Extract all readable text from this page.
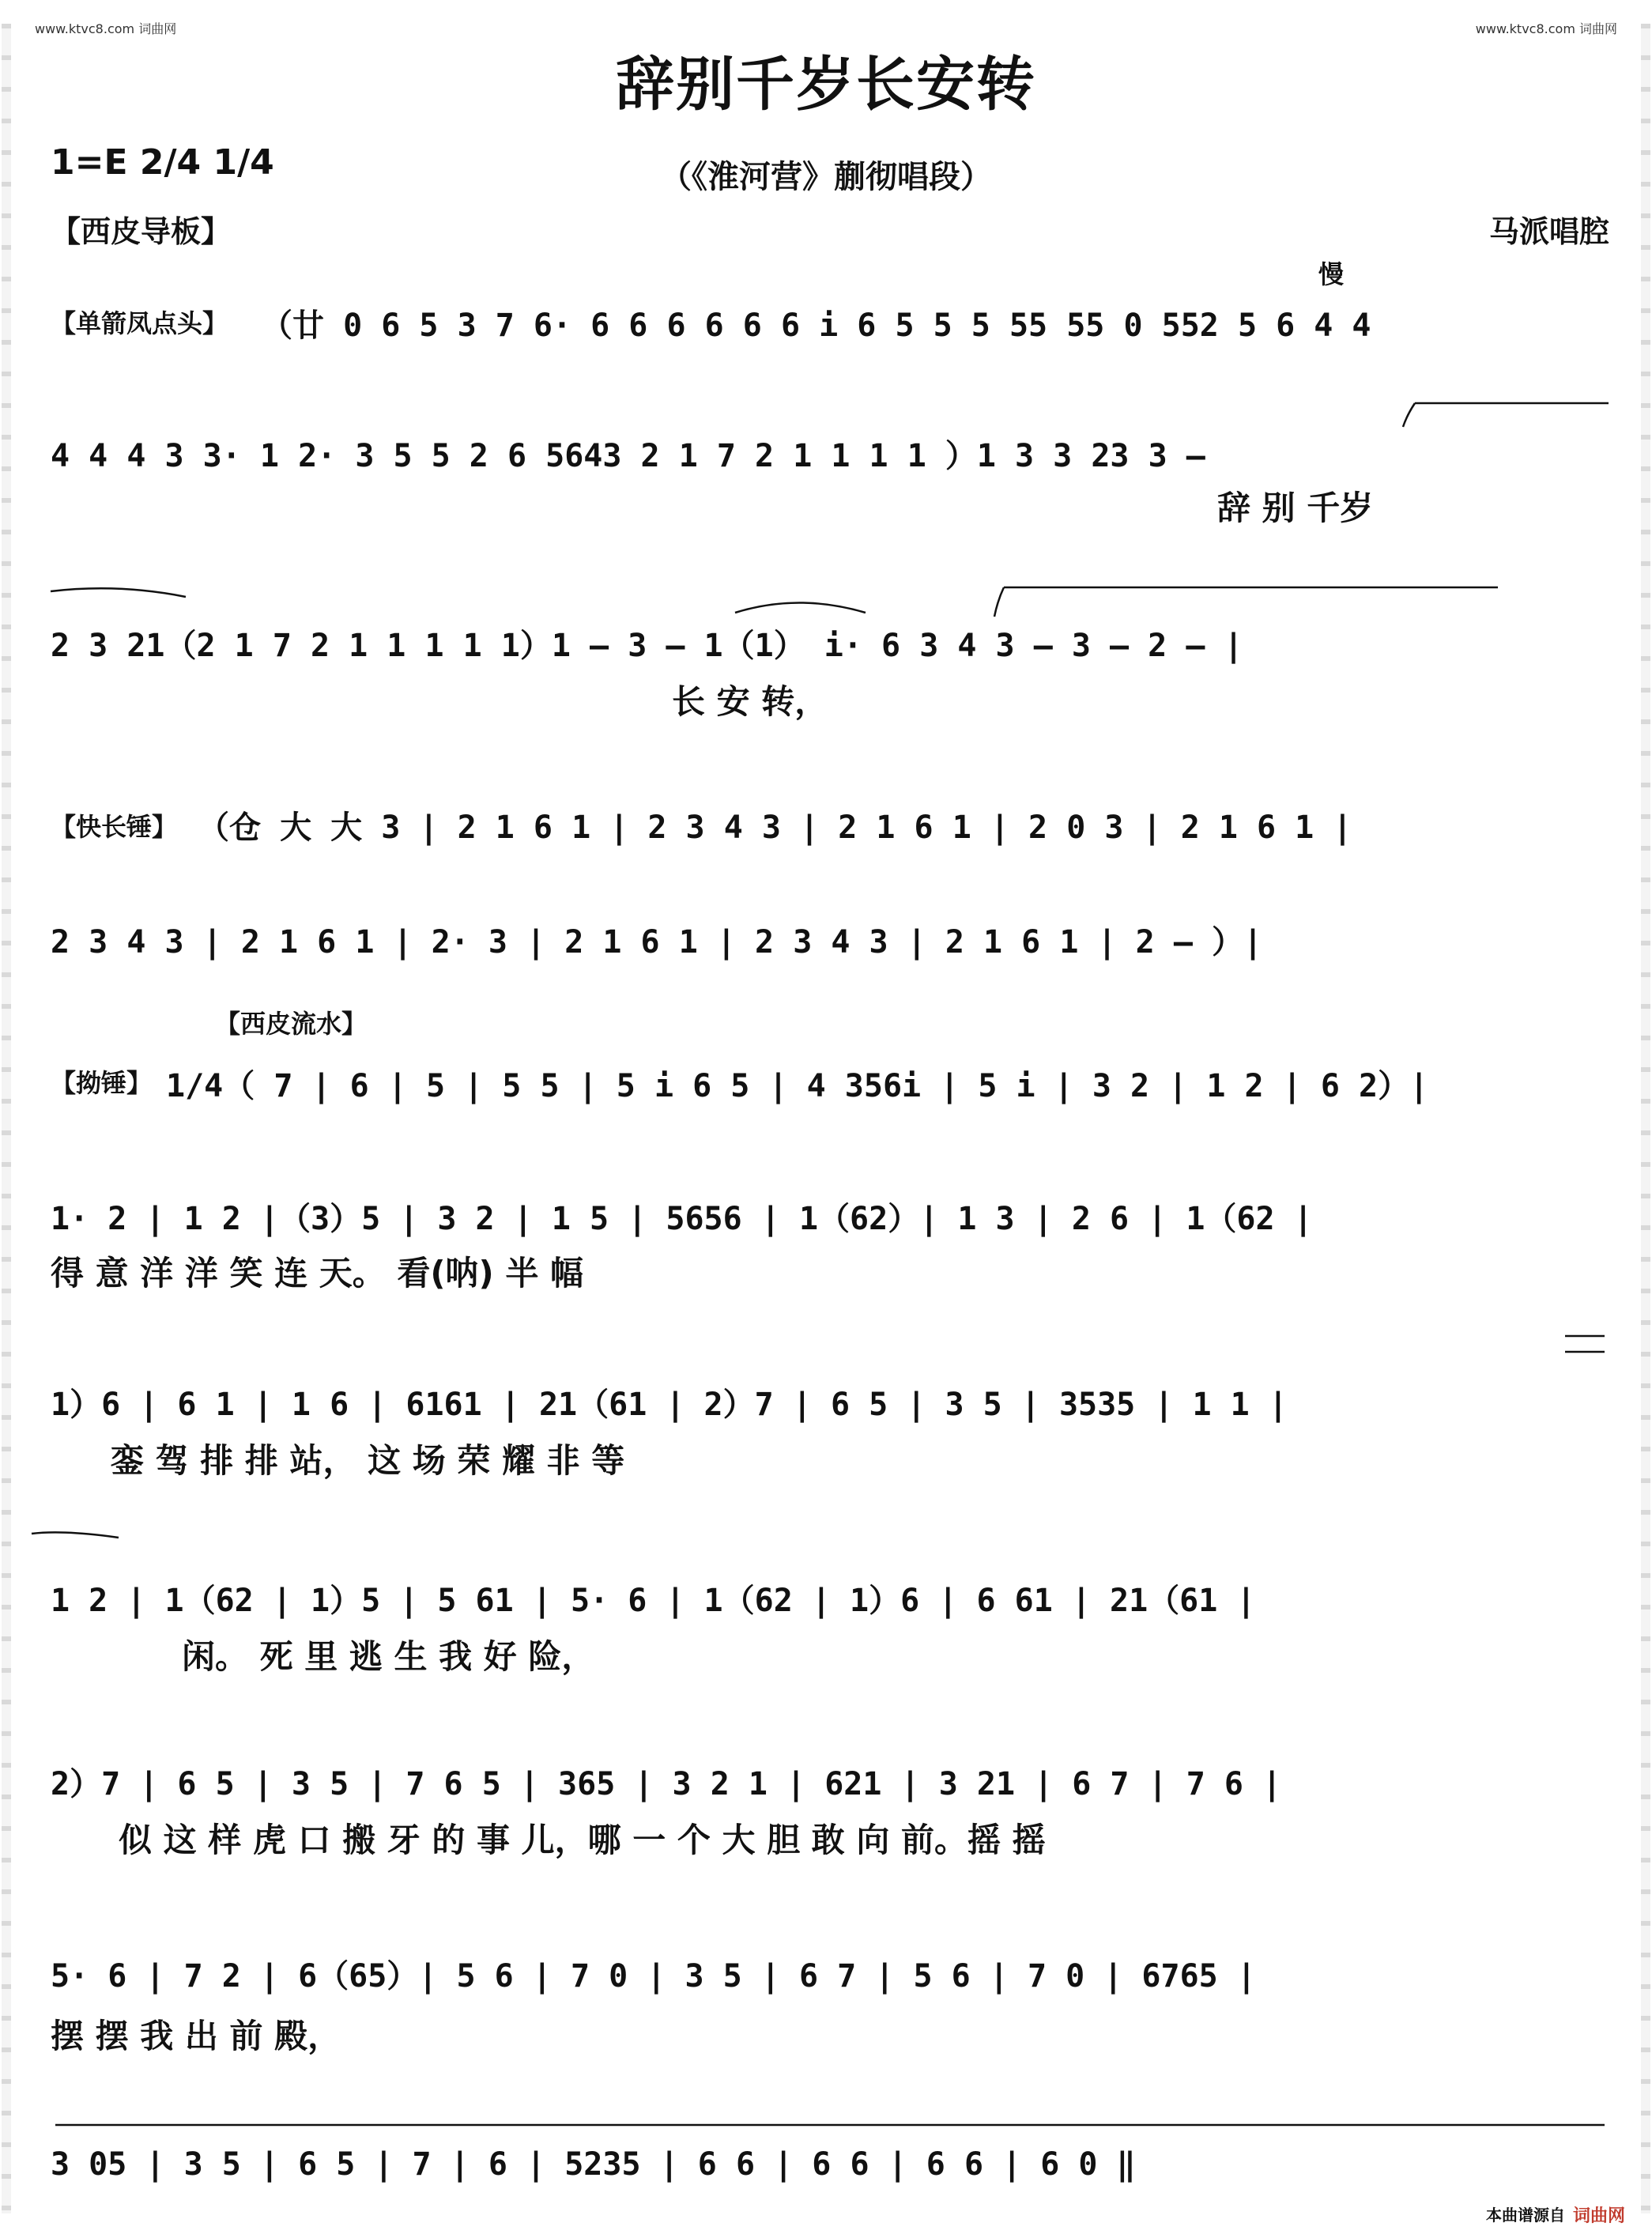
www.ktvc8.com 词曲网	www.ktvc8.com 词曲网
辞别千岁长安转
1=E 2/4 1/4	（《淮河营》蒯彻唱段）
【西皮导板】	马派唱腔
慢
【单箭凤点头】
【快长锤】
【西皮流水】
【拗锤】
（廿 0 6 5 3 7 6· 6 6 6 6 6 6 i 6 5 5 5 55 55 0 552 5 6 4 4
4 4 4 3 3· 1 2· 3 5 5 2 6 5643 2 1 7 2 1 1 1 1 ）1 3 3 23 3 –
辞 别 千岁
2 3 21（2 1 7 2 1 1 1 1 1）1 – 3 – 1（1） i· 6 3 4 3 – 3 – 2 – |
长 安 转，
（仓 大 大 3 | 2 1 6 1 | 2 3 4 3 | 2 1 6 1 | 2 0 3 | 2 1 6 1 |
2 3 4 3 | 2 1 6 1 | 2· 3 | 2 1 6 1 | 2 3 4 3 | 2 1 6 1 | 2 – ）|
1/4（ 7 | 6 | 5 | 5 5 | 5 i 6 5 | 4 356i | 5 i | 3 2 | 1 2 | 6 2）|
1· 2 | 1 2 |（3）5 | 3 2 | 1 5 | 5656 | 1（62）| 1 3 | 2 6 | 1（62 |
得 意 洋 洋 笑 连 天。 看(呐) 半 幅
1）6 | 6 1 | 1 6 | 6161 | 21（61 | 2）7 | 6 5 | 3 5 | 3535 | 1 1 |
銮 驾 排 排 站， 这 场 荣 耀 非 等
1 2 | 1（62 | 1）5 | 5 61 | 5· 6 | 1（62 | 1）6 | 6 61 | 21（61 |
闲。 死 里 逃 生 我 好 险，
2）7 | 6 5 | 3 5 | 7 6 5 | 365 | 3 2 1 | 621 | 3 21 | 6 7 | 7 6 |
似 这 样 虎 口 搬 牙 的 事 儿，哪 一 个 大 胆 敢 向 前。摇 摇
5· 6 | 7 2 | 6（65）| 5 6 | 7 0 | 3 5 | 6 7 | 5 6 | 7 0 | 6765 |
摆 摆 我 出 前 殿，
3 05 | 3 5 | 6 5 | 7 | 6 | 5235 | 6 6 | 6 6 | 6 6 | 6 0 ‖
本曲谱源自 词曲网
